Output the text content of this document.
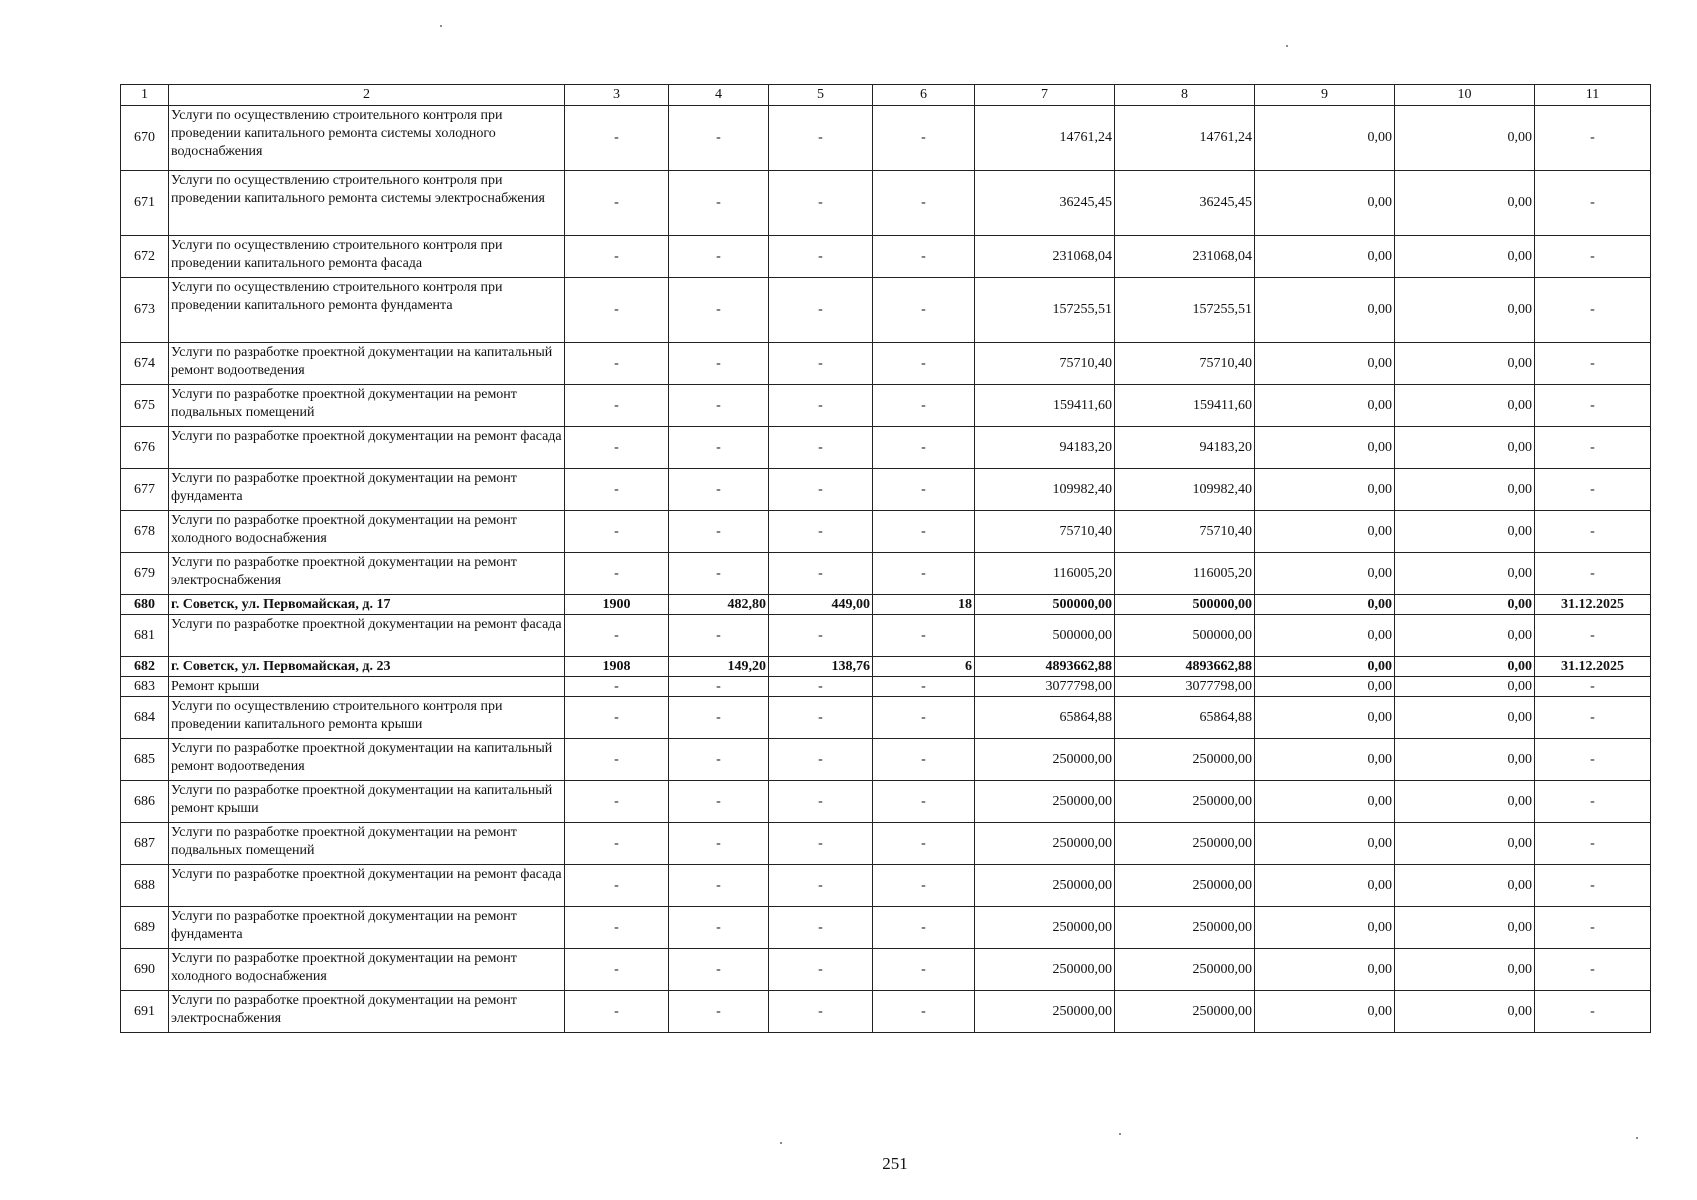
1	2	3	4	5	6	7	8	9	10	11
670	Услуги по осуществлению строительного контроля при проведении капитального ремонта системы холодного водоснабжения	-	-	-	-	14761,24	14761,24	0,00	0,00	-
671	Услуги по осуществлению строительного контроля при проведении капитального ремонта системы электроснабжения	-	-	-	-	36245,45	36245,45	0,00	0,00	-
672	Услуги по осуществлению строительного контроля при проведении капитального ремонта фасада	-	-	-	-	231068,04	231068,04	0,00	0,00	-
673	Услуги по осуществлению строительного контроля при проведении капитального ремонта фундамента	-	-	-	-	157255,51	157255,51	0,00	0,00	-
674	Услуги по разработке проектной документации на капитальный ремонт водоотведения	-	-	-	-	75710,40	75710,40	0,00	0,00	-
675	Услуги по разработке проектной документации на ремонт подвальных помещений	-	-	-	-	159411,60	159411,60	0,00	0,00	-
676	Услуги по разработке проектной документации на ремонт фасада	-	-	-	-	94183,20	94183,20	0,00	0,00	-
677	Услуги по разработке проектной документации на ремонт фундамента	-	-	-	-	109982,40	109982,40	0,00	0,00	-
678	Услуги по разработке проектной документации на ремонт холодного водоснабжения	-	-	-	-	75710,40	75710,40	0,00	0,00	-
679	Услуги по разработке проектной документации на ремонт электроснабжения	-	-	-	-	116005,20	116005,20	0,00	0,00	-
680	г. Советск, ул. Первомайская, д. 17	1900	482,80	449,00	18	500000,00	500000,00	0,00	0,00	31.12.2025
681	Услуги по разработке проектной документации на ремонт фасада	-	-	-	-	500000,00	500000,00	0,00	0,00	-
682	г. Советск, ул. Первомайская, д. 23	1908	149,20	138,76	6	4893662,88	4893662,88	0,00	0,00	31.12.2025
683	Ремонт крыши	-	-	-	-	3077798,00	3077798,00	0,00	0,00	-
684	Услуги по осуществлению строительного контроля при проведении капитального ремонта крыши	-	-	-	-	65864,88	65864,88	0,00	0,00	-
685	Услуги по разработке проектной документации на капитальный ремонт водоотведения	-	-	-	-	250000,00	250000,00	0,00	0,00	-
686	Услуги по разработке проектной документации на капитальный ремонт крыши	-	-	-	-	250000,00	250000,00	0,00	0,00	-
687	Услуги по разработке проектной документации на ремонт подвальных помещений	-	-	-	-	250000,00	250000,00	0,00	0,00	-
688	Услуги по разработке проектной документации на ремонт фасада	-	-	-	-	250000,00	250000,00	0,00	0,00	-
689	Услуги по разработке проектной документации на ремонт фундамента	-	-	-	-	250000,00	250000,00	0,00	0,00	-
690	Услуги по разработке проектной документации на ремонт холодного водоснабжения	-	-	-	-	250000,00	250000,00	0,00	0,00	-
691	Услуги по разработке проектной документации на ремонт электроснабжения	-	-	-	-	250000,00	250000,00	0,00	0,00	-
251
